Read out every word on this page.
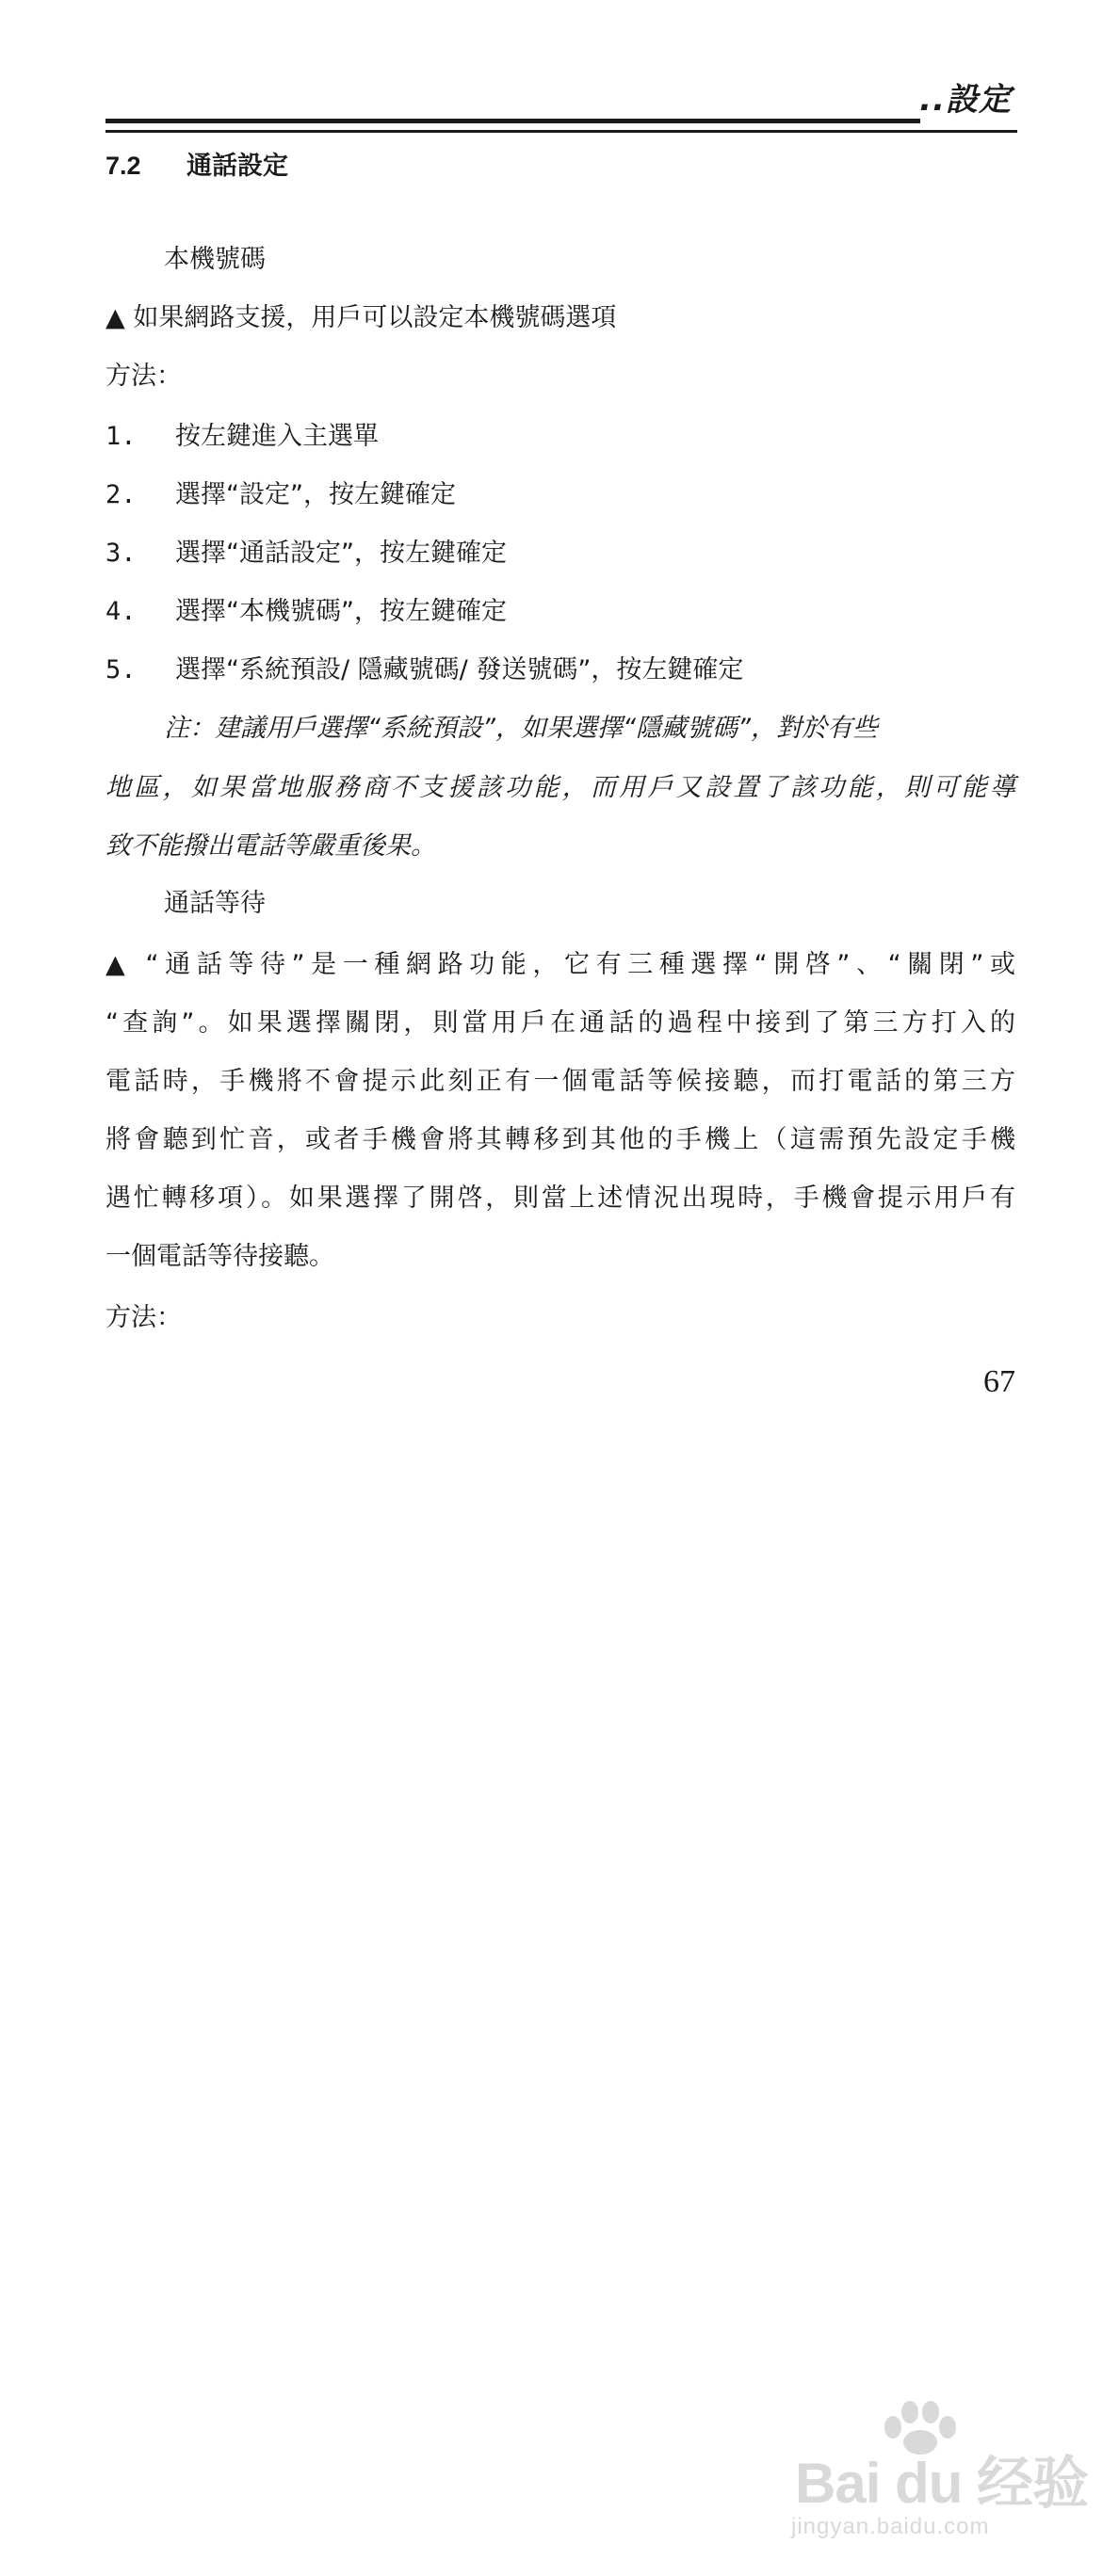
..設定
7.2 通話設定
本機號碼
▲ 如果網路支援，用戶可以設定本機號碼選項
方法：
1. 按左鍵進入主選單
2. 選擇“設定”，按左鍵確定
3. 選擇“通話設定”，按左鍵確定
4. 選擇“本機號碼”，按左鍵確定
5. 選擇“系統預設/ 隱藏號碼/ 發送號碼”，按左鍵確定
注：建議用戶選擇“系統預設”，如果選擇“隱藏號碼”，對於有些
地區，如果當地服務商不支援該功能，而用戶又設置了該功能，則可能導
致不能撥出電話等嚴重後果。
通話等待
▲ “通話等待”是一種網路功能，它有三種選擇“開啓”、“關閉”或
“查詢”。如果選擇關閉，則當用戶在通話的過程中接到了第三方打入的
電話時，手機將不會提示此刻正有一個電話等候接聽，而打電話的第三方
將會聽到忙音，或者手機會將其轉移到其他的手機上（這需預先設定手機
遇忙轉移項）。如果選擇了開啓，則當上述情況出現時，手機會提示用戶有
一個電話等待接聽。
方法：
67
Bai du 经验
jingyan.baidu.com
